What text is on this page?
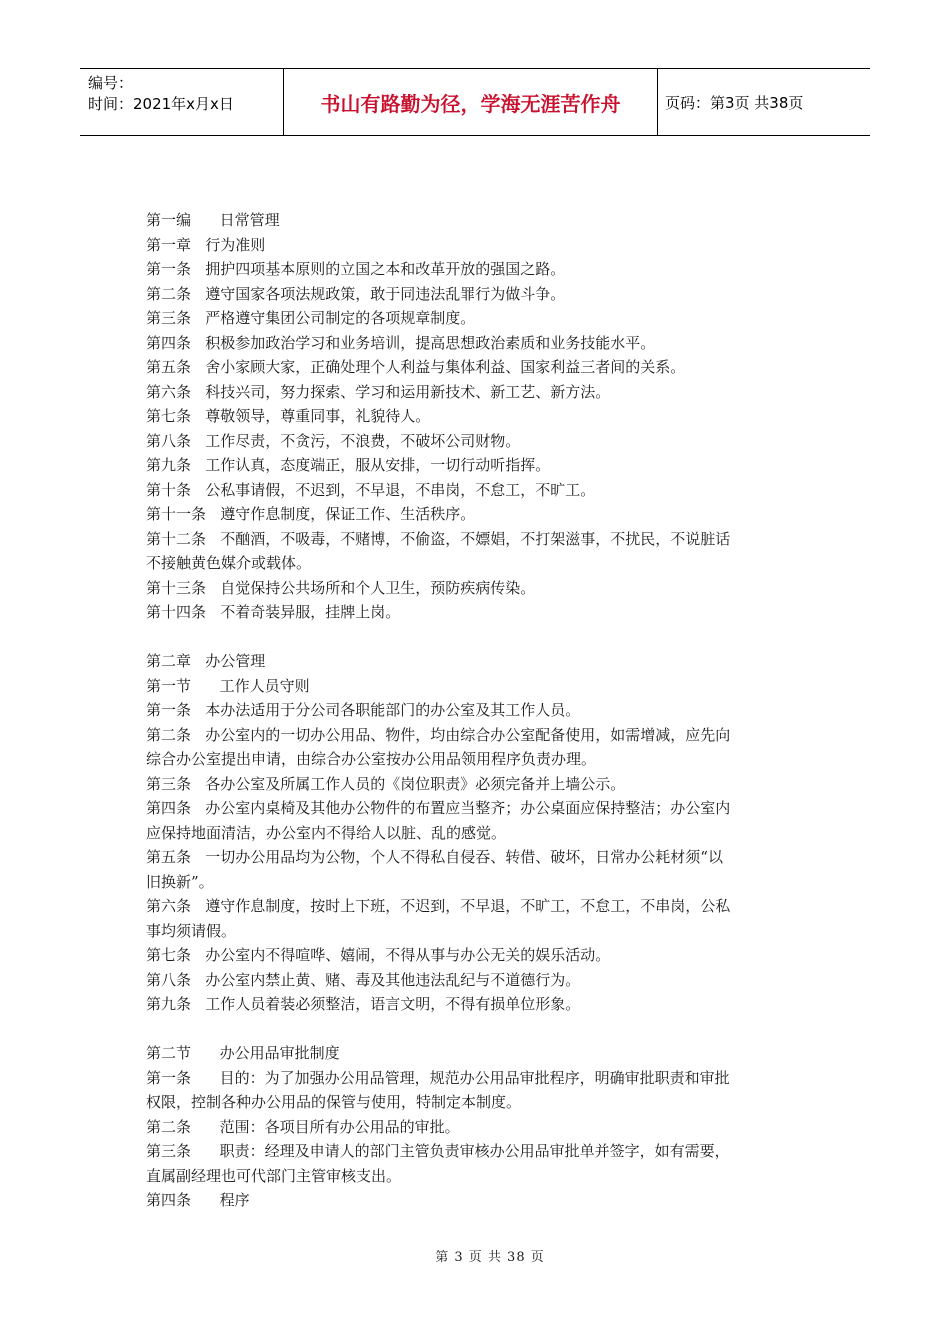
编号：
时间：2021年x月x日	书山有路勤为径，学海无涯苦作舟	页码：第3页 共38页
第一编      日常管理
第一章   行为准则
第一条   拥护四项基本原则的立国之本和改革开放的强国之路。
第二条   遵守国家各项法规政策，敢于同违法乱罪行为做斗争。
第三条   严格遵守集团公司制定的各项规章制度。
第四条   积极参加政治学习和业务培训，提高思想政治素质和业务技能水平。
第五条   舍小家顾大家，正确处理个人利益与集体利益、国家利益三者间的关系。
第六条   科技兴司，努力探索、学习和运用新技术、新工艺、新方法。
第七条   尊敬领导，尊重同事，礼貌待人。
第八条   工作尽责，不贪污，不浪费，不破坏公司财物。
第九条   工作认真，态度端正，服从安排，一切行动听指挥。
第十条   公私事请假，不迟到，不早退，不串岗，不怠工，不旷工。
第十一条   遵守作息制度，保证工作、生活秩序。
第十二条   不酗酒，不吸毒，不赌博，不偷盗，不嫖娼，不打架滋事，不扰民，不说脏话
不接触黄色媒介或载体。
第十三条   自觉保持公共场所和个人卫生，预防疾病传染。
第十四条   不着奇装异服，挂牌上岗。
第二章   办公管理
第一节      工作人员守则
第一条   本办法适用于分公司各职能部门的办公室及其工作人员。
第二条   办公室内的一切办公用品、物件，均由综合办公室配备使用，如需增减，应先向
综合办公室提出申请，由综合办公室按办公用品领用程序负责办理。
第三条   各办公室及所属工作人员的《岗位职责》必须完备并上墙公示。
第四条   办公室内桌椅及其他办公物件的布置应当整齐；办公桌面应保持整洁；办公室内
应保持地面清洁，办公室内不得给人以脏、乱的感觉。
第五条   一切办公用品均为公物，个人不得私自侵吞、转借、破坏，日常办公耗材须“以
旧换新”。
第六条   遵守作息制度，按时上下班，不迟到，不早退，不旷工，不怠工，不串岗，公私
事均须请假。
第七条   办公室内不得喧哗、嬉闹，不得从事与办公无关的娱乐活动。
第八条   办公室内禁止黄、赌、毒及其他违法乱纪与不道德行为。
第九条   工作人员着装必须整洁，语言文明，不得有损单位形象。
第二节      办公用品审批制度
第一条      目的：为了加强办公用品管理，规范办公用品审批程序，明确审批职责和审批
权限，控制各种办公用品的保管与使用，特制定本制度。
第二条      范围：各项目所有办公用品的审批。
第三条      职责：经理及申请人的部门主管负责审核办公用品审批单并签字，如有需要，
直属副经理也可代部门主管审核支出。
第四条      程序
第 3 页 共 38 页
